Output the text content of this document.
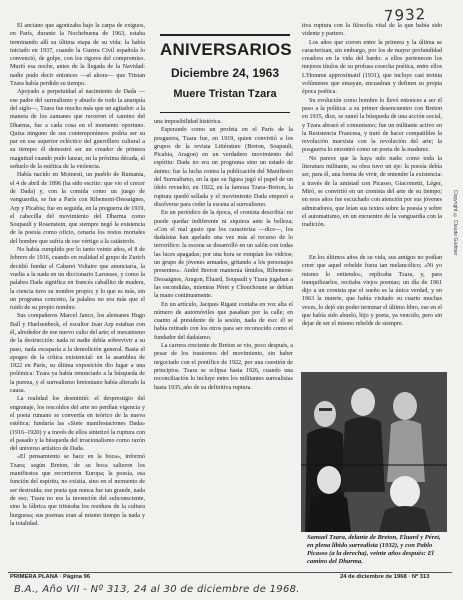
7932

El anciano que agonizaba bajo la carpa de exiguos, en París, durante la Nochebuena de 1963, estaba terminando allí su última etapa de su vida: la había iniciado en 1937, cuando la Guerra Civil española lo convenció, de golpe, con los rigores del compromiso. Murió esa noche, antes de la llegada de la Navidad: nadie pudo decir entonces —al ahora— que Tristan Tzara había perdido su tiempo.

Apoyado a perpetuidad al nacimiento de Dada —ese padre del surrealismo y abuelo de todo la anarquía del siglo—, Tzara fue mucho más que un agitador: a la manera de los zamanes que recorren el camino del Dharma, fue a cada cosa en el momento oportuno. Quiza ninguno de sus contemporáneos podría ser su par en ese superior ecléctico del guerrillero cultural a su tiempo: él demostró ser un creador de primera magnitud cuando pudo lanzar, en la próxima década, el señuelo de la estética de la violencia.

Había nacido en Moinesti, un pueblo de Rumania, el 4 de abril de 1896 (ha sido escrito: que vio el crecer de Dada) y, con la comida como un juego de vanguardia, se fue a París con Ribemont-Dessaignes, Arp y Picabia; fue en seguida, en la preguerra de 1919, el cabecilla del movimiento del Dharma como Soupault y Rosenstein, que siempre negó la existencia de la poesía como oficio, cenaría los restos mortales del hombre que sufría de ese vértigo a la catástrofe.

No había cumplido por lo tanto veinte años, el 8 de febrero de 1916, cuando en realidad el grupo de Zurich decidió fundar el Cabaret Voltaire que anunciaría, la vuelta a la nada en un diccionario Larousse, y como la palabra Dada significa en francés caballito de madera, la ciencia tuvo su nombre propio; y lo que es más, sin un programa concreto, la palabra no era más que el ruido de su propio nombre.

Sus compañeros Marcel Janco, los alemanes Hugo Ball y Huelsenbeck, el escultor Jean Arp estaban con él, alrededor de ese nuevo culto del arte; el mecanismo de la destrucción: nada ni nadie debía sobrevivir a su paso, nada escaparía a la demolición general. Basta el apogeo de la crítica existencial: en la asamblea de 1922 en París, su última exposición dio lugar a una polémica: Tzara ya había renunciado a la búsqueda de la pureza, y el surrealismo bretoniano había alterado la causa.

La realidad los desmintió: el desprestigio del engranaje, los rescoldos del arte no perdían vigencia y el poeta rumano se convertía en teórico de la nueva estética; fundaría las «Siete manifestaciones Dada» (1916–1920) y a través de ellos sintetizó la ruptura con el pasado y la búsqueda del irracionalismo como razón del universo artístico de Dada.

«El pensamiento se hace en la boca», informó Tzara; según Breton, de su boca salieron los manifiestos que recorrieron Europa; la poesía, esa función del espíritu, no existía, sino en el momento de ser destruida; ese poeta que nunca fue tan grande, nada de eso; Tzara no era la invención del subconsciente, sino la fábrica que trituraba los residuos de la cultura burguesa; sus poemas eran al mismo tiempo la nada y la totalidad.

ANIVERSARIOS
Diciembre 24, 1963
Muere Tristan Tzara

una imposibilidad histórica.

Esperando como un profeta en el París de la posguerra, Tzara fue, en 1919, quien convirtió a los grupos de la revista Littérature (Breton, Soupault, Picabia, Aragon) en un verdadero movimiento del espíritu: Dada no era un programa sino un estado de ánimo; fue la lucha contra la publicación del Manifiesto del Surrealismo, en la que su figura jugó el papel de un ídolo revuelto; en 1922, en la famosa Tzara–Breton, la ruptura quedó sellada y el movimiento Dada empezó a disolverse para ceder la escena al surrealismo.

En un periódico de la época, el cronista describía: no puede quedar indiferente ni siquiera ante la belleza; «Con el mal gusto que los caracteriza —dice—, los dadaístas han apelado una vez más al recurso de lo terrorífico: la escena se desarrolló en un salón con todas las luces apagadas; por una hora se rompían los vidrios; un grupo de jóvenes armados, gritando a los personajes presentes». André Breton mantenía tímidos, Ribemont-Dessaignes, Aragon, Éluard, Soupault y Tzara jugaban a las escondidas, mientras Péret y Chouchoune se debían la mano continuamente.

En un artículo, Jacques Rigaut contaba en voz alta el número de automóviles que pasaban por la calle; en cuanto al presidente de la sesión, nada de eso: él se había retirado con los otros para ser reconocido como el fundador del dadaísmo.

La carrera creciente de Breton se vio, poco después, a pesar de los trastornos del movimiento, sin haber negociado con el pontífice de 1922, por una cuestión de principios. Tzara se eclipsa hasta 1926, cuando una reconciliación lo incluye entre los militantes surrealistas hasta 1935, año de su definitiva ruptura.

tiva ruptura con la filosofía vital de la que había sido vidente y partero.

Los años que corren entre la primera y la última se caracterizan, sin embargo, por los de mayor profundidad creadora en la vida del bardo: a ellos pertenecen los mejores títulos de su profusa cosecha poética, entre ellos L'Homme approximatif (1931), que incluye casi treinta volúmenes que ensayan, encuadran y definen su propia época poética.

Su evolución como hombre lo llevó entonces a ser el paso a la política: a su primer desencuentro con Breton en 1935, dice, se sumó la búsqueda de una acción social, y Tzara abrazó el comunismo; fue un militante activo en la Resistencia Francesa, y trató de hacer compatibles la revolución marxista con la revolución del arte; la posguerra lo encontró como un poeta de la madurez.

No parece que la haya sido nada: como toda la literatura militante, su obra tuvo un eje: la poesía debía ser, para él, una forma de vivir, de entender la existencia: a través de la amistad con Picasso, Giacometti, Léger, Miró, se convirtió en un cronista del arte de su tiempo; en esos años fue escuchado con atención por sus jóvenes admiradores, que leían sus textos sobre la poesía y sobre el automatismo, en un encuentro de la vanguardia con la tradición.

En los últimos años de su vida, sus amigos no podían creer que aquel rebelde fuera tan melancólico; «Ni yo mismo lo entiendo», replicaba Tzara, y, para tranquilizarlos, recitaba viejos poemas; un día de 1961 dijo a un cronista que el sueño es la única verdad, y en 1963 la muerte, que había visitado su cuarto muchas veces, lo dejó sin poder terminar el último libro, ese en el que había sido abuelo, hijo y poeta, ya vencido, pero sin dejar de ser el mismo rebelde de siempre.

Copyright © Claude Gadmer
Samuel Tzara, delante de Breton, Eluard y Péret, en plena libido surrealista (1932), y con Pablo Picasso (a la derecha), veinte años después: El camino del Dharma.
PRIMERA PLANA · Página 96	24 de diciembre de 1968 · Nº 313
B.A., Año VII - Nº 313, 24 al 30 de diciembre de 1968.
